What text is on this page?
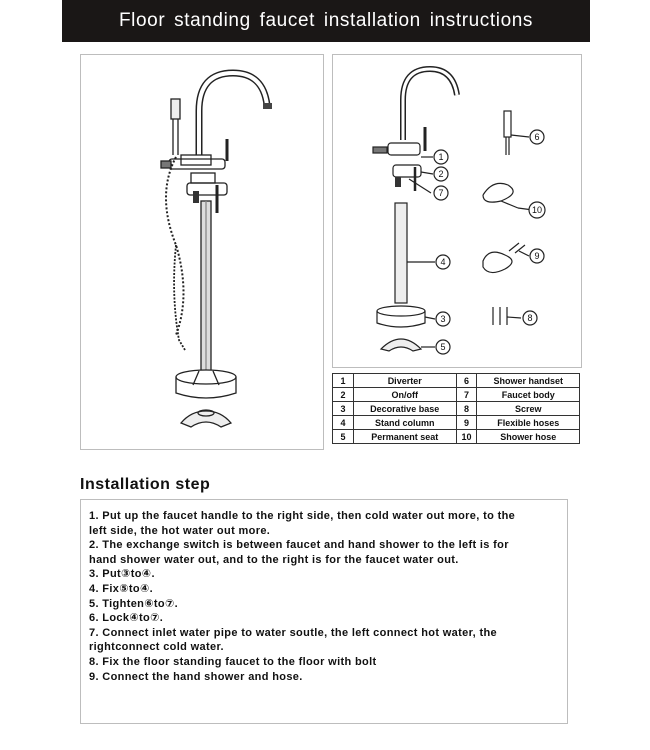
Floor standing faucet installation instructions
1
2
7
4
3
5
6
10
9
8
1	Diverter	6	Shower handset
2	On/off	7	Faucet body
3	Decorative base	8	Screw
4	Stand column	9	Flexible hoses
5	Permanent seat	10	Shower hose
Installation step
1. Put up the faucet handle to the right side, then cold water out more, to the
left side, the hot water out more.
2. The exchange switch is between faucet and hand shower to the left is for
hand shower water out, and to the right is for the faucet water out.
3. Put③to④.
4. Fix⑤to④.
5. Tighten⑥to⑦.
6. Lock④to⑦.
7. Connect inlet water pipe to water soutle, the left connect hot water, the
rightconnect cold water.
8. Fix the floor standing faucet to the floor with bolt
9. Connect the hand shower and hose.
